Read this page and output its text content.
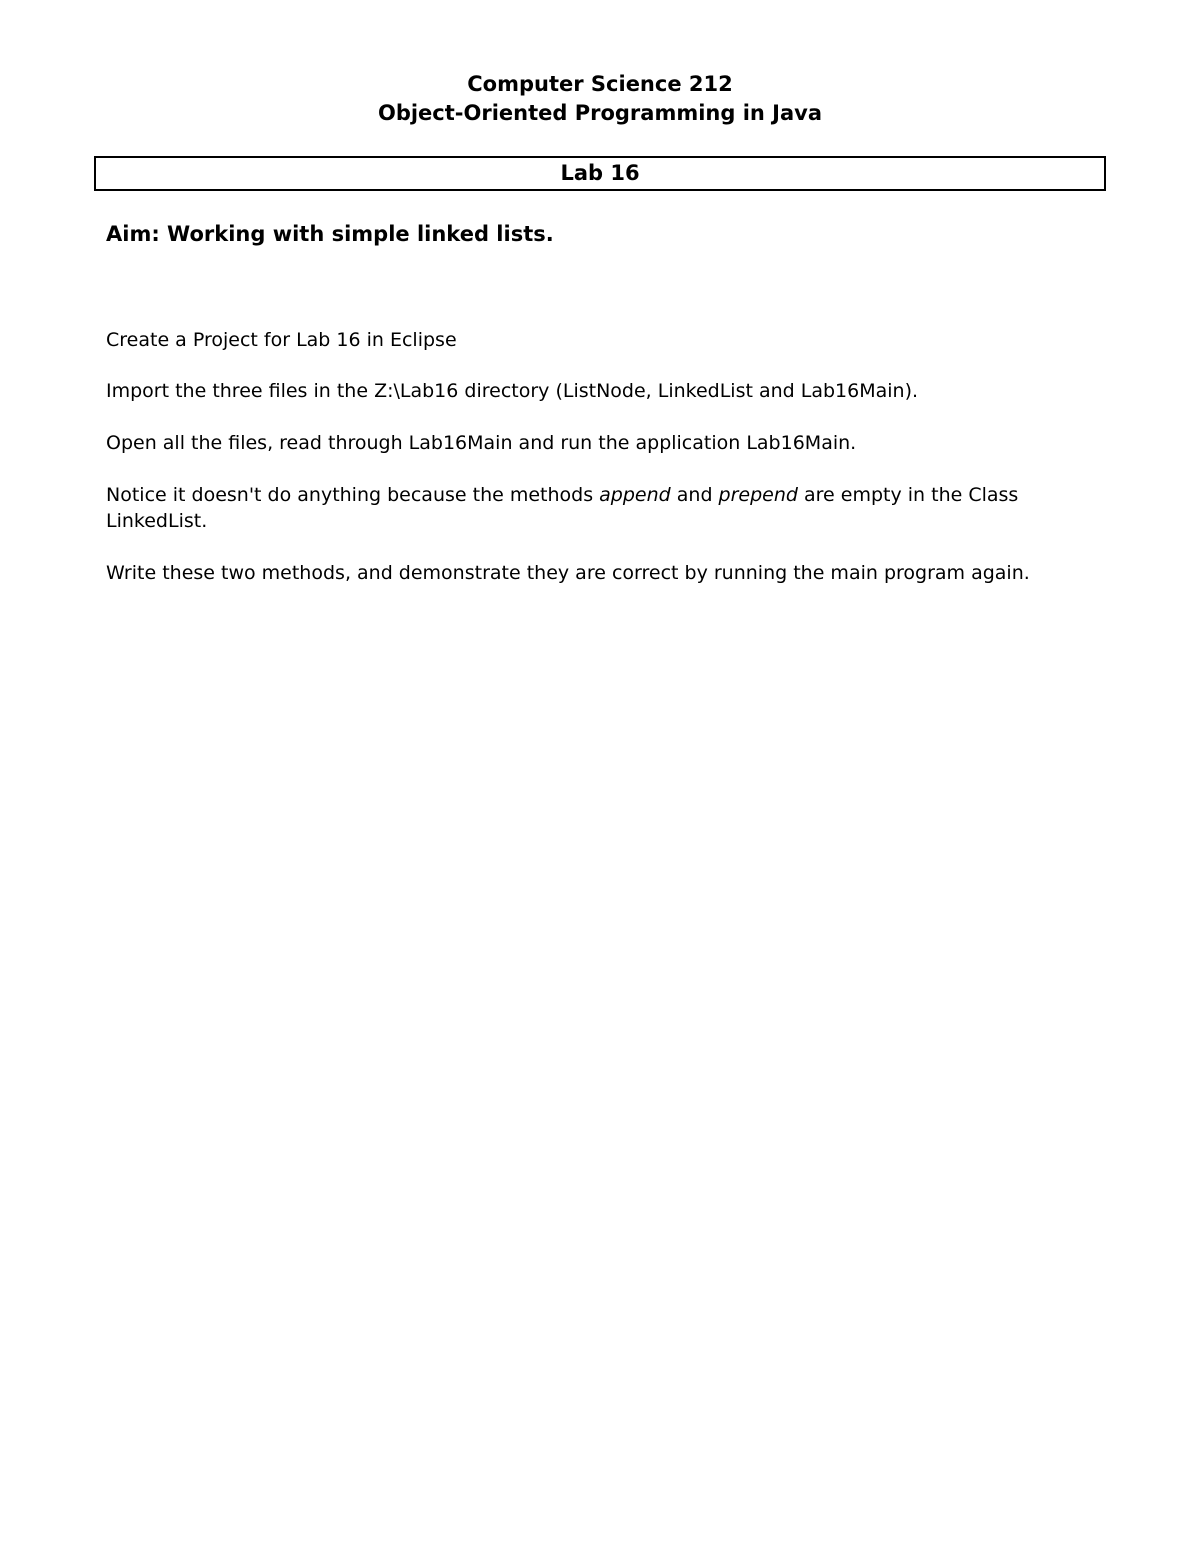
Computer Science 212
Object-Oriented Programming in Java
Lab 16
Aim: Working with simple linked lists.

Create a Project for Lab 16 in Eclipse

Import the three files in the Z:\Lab16 directory (ListNode, LinkedList and Lab16Main).

Open all the files, read through Lab16Main and run the application Lab16Main.

Notice it doesn't do anything because the methods append and prepend are empty in the Class LinkedList.

Write these two methods, and demonstrate they are correct by running the main program again.
